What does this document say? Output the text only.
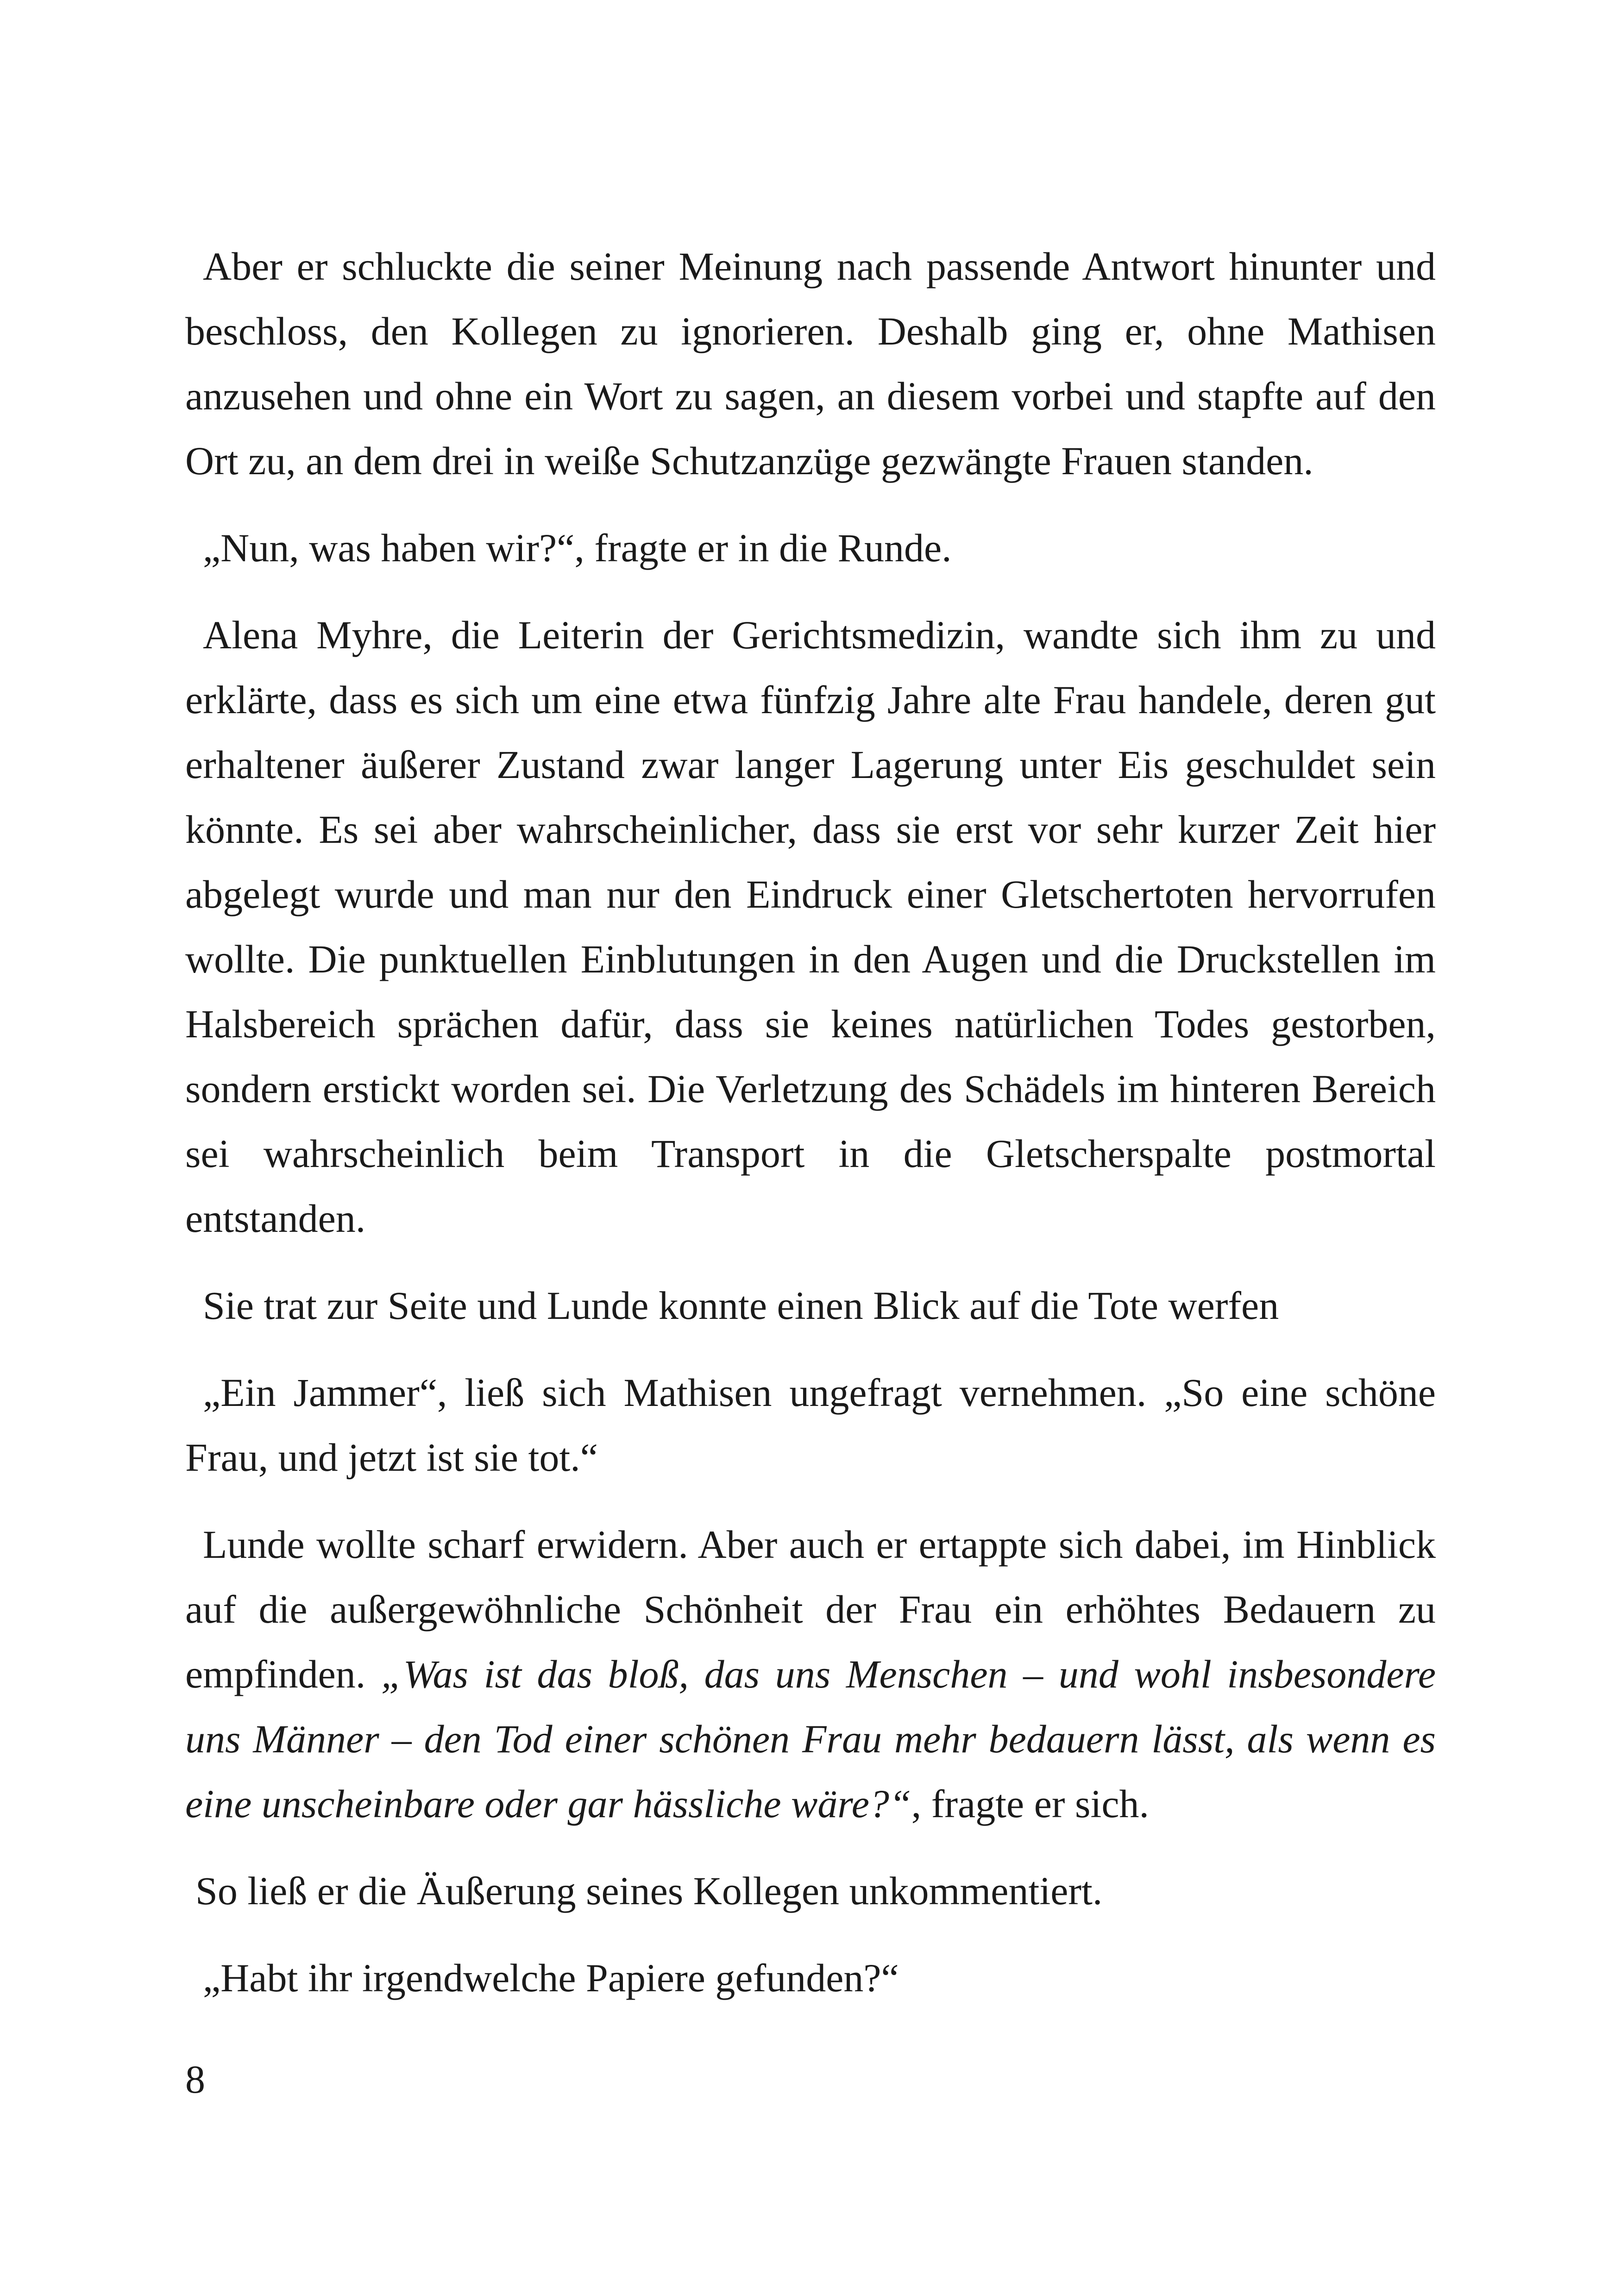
Aber er schluckte die seiner Meinung nach passende Antwort hinunter und beschloss, den Kollegen zu ignorieren. Deshalb ging er, ohne Mathisen anzusehen und ohne ein Wort zu sagen, an diesem vorbei und stapfte auf den Ort zu, an dem drei in weiße Schutzanzüge gezwängte Frauen standen.

„Nun, was haben wir?“, fragte er in die Runde.

Alena Myhre, die Leiterin der Gerichtsmedizin, wandte sich ihm zu und erklärte, dass es sich um eine etwa fünfzig Jahre alte Frau handele, deren gut erhaltener äußerer Zustand zwar langer Lagerung unter Eis geschuldet sein könnte. Es sei aber wahrscheinlicher, dass sie erst vor sehr kurzer Zeit hier abgelegt wurde und man nur den Eindruck einer Gletschertoten hervorrufen wollte. Die punktuellen Einblutungen in den Augen und die Druckstellen im Halsbereich sprächen dafür, dass sie keines natürlichen Todes gestorben, sondern erstickt worden sei. Die Verletzung des Schädels im hinteren Bereich sei wahrscheinlich beim Transport in die Gletscherspalte postmortal entstanden.

Sie trat zur Seite und Lunde konnte einen Blick auf die Tote werfen

„Ein Jammer“, ließ sich Mathisen ungefragt vernehmen. „So eine schöne Frau, und jetzt ist sie tot.“

Lunde wollte scharf erwidern. Aber auch er ertappte sich dabei, im Hinblick auf die außergewöhnliche Schönheit der Frau ein erhöhtes Bedauern zu empfinden. „Was ist das bloß, das uns Menschen – und wohl insbesondere uns Männer – den Tod einer schönen Frau mehr bedauern lässt, als wenn es eine unscheinbare oder gar hässliche wäre?“, fragte er sich.

So ließ er die Äußerung seines Kollegen unkommentiert.

„Habt ihr irgendwelche Papiere gefunden?“

8
